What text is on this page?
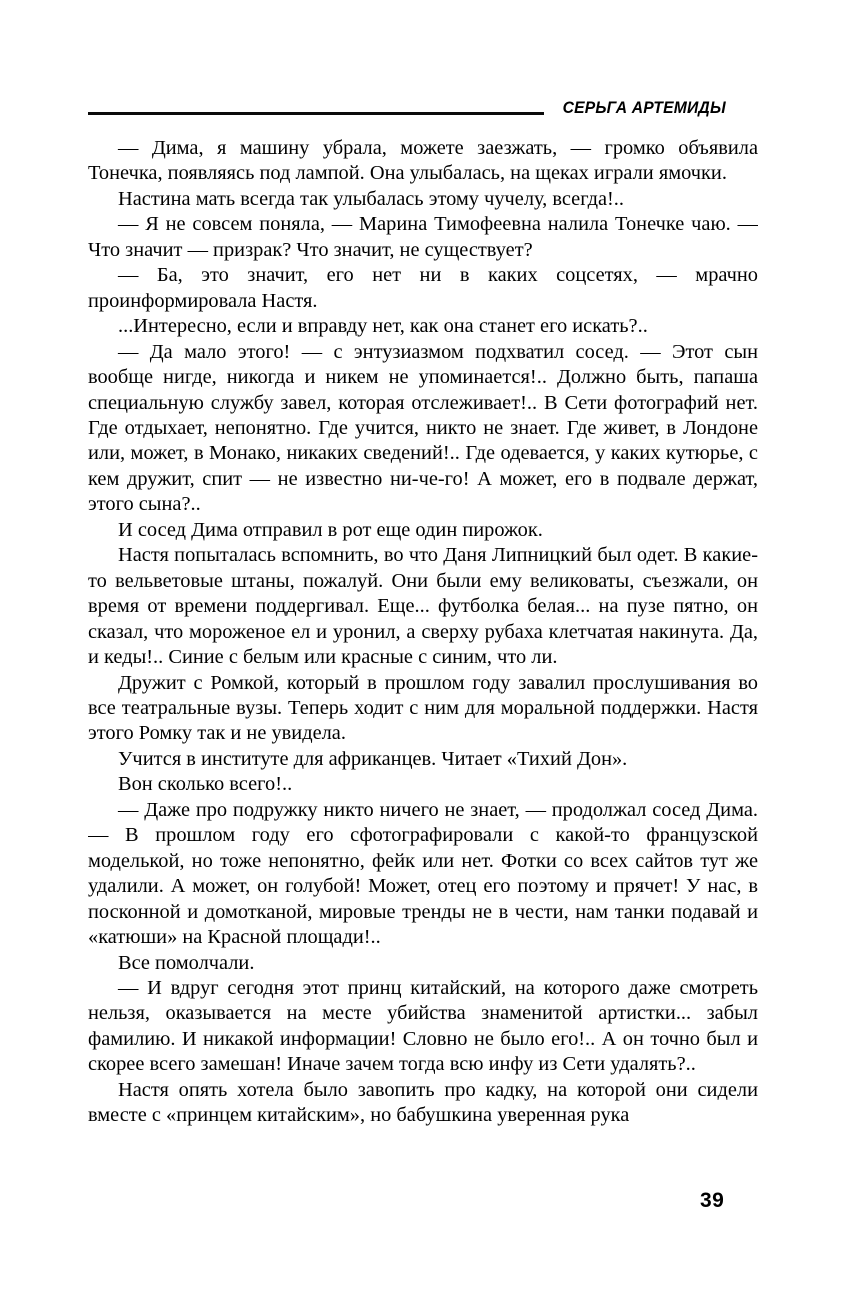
СЕРЬГА АРТЕМИДЫ

— Дима, я машину убрала, можете заезжать, — громко объявила Тонечка, появляясь под лампой. Она улыбалась, на щеках играли ямочки.

Настина мать всегда так улыбалась этому чучелу, всегда!..

— Я не совсем поняла, — Марина Тимофеевна налила Тонечке чаю. — Что значит — призрак? Что значит, не существует?

— Ба, это значит, его нет ни в каких соцсетях, — мрачно проинформировала Настя.

...Интересно, если и вправду нет, как она станет его искать?..

— Да мало этого! — с энтузиазмом подхватил сосед. — Этот сын вообще нигде, никогда и никем не упоминается!.. Должно быть, папаша специальную службу завел, которая отслеживает!.. В Сети фотографий нет. Где отдыхает, непонятно. Где учится, никто не знает. Где живет, в Лондоне или, может, в Монако, никаких сведений!.. Где одевается, у каких кутюрье, с кем дружит, спит — не известно ни-че-го! А может, его в подвале держат, этого сына?..

И сосед Дима отправил в рот еще один пирожок.

Настя попыталась вспомнить, во что Даня Липницкий был одет. В какие-то вельветовые штаны, пожалуй. Они были ему великоваты, съезжали, он время от времени поддергивал. Еще... футболка белая... на пузе пятно, он сказал, что мороженое ел и уронил, а сверху рубаха клетчатая накинута. Да, и кеды!.. Синие с белым или красные с синим, что ли.

Дружит с Ромкой, который в прошлом году завалил прослушивания во все театральные вузы. Теперь ходит с ним для моральной поддержки. Настя этого Ромку так и не увидела.

Учится в институте для африканцев. Читает «Тихий Дон».

Вон сколько всего!..

— Даже про подружку никто ничего не знает, — продолжал сосед Дима. — В прошлом году его сфотографировали с какой-то французской моделькой, но тоже непонятно, фейк или нет. Фотки со всех сайтов тут же удалили. А может, он голубой! Может, отец его поэтому и прячет! У нас, в посконной и домотканой, мировые тренды не в чести, нам танки подавай и «катюши» на Красной площади!..

Все помолчали.

— И вдруг сегодня этот принц китайский, на которого даже смотреть нельзя, оказывается на месте убийства знаменитой артистки... забыл фамилию. И никакой информации! Словно не было его!.. А он точно был и скорее всего замешан! Иначе зачем тогда всю инфу из Сети удалять?..

Настя опять хотела было завопить про кадку, на которой они сидели вместе с «принцем китайским», но бабушкина уверенная рука

39
